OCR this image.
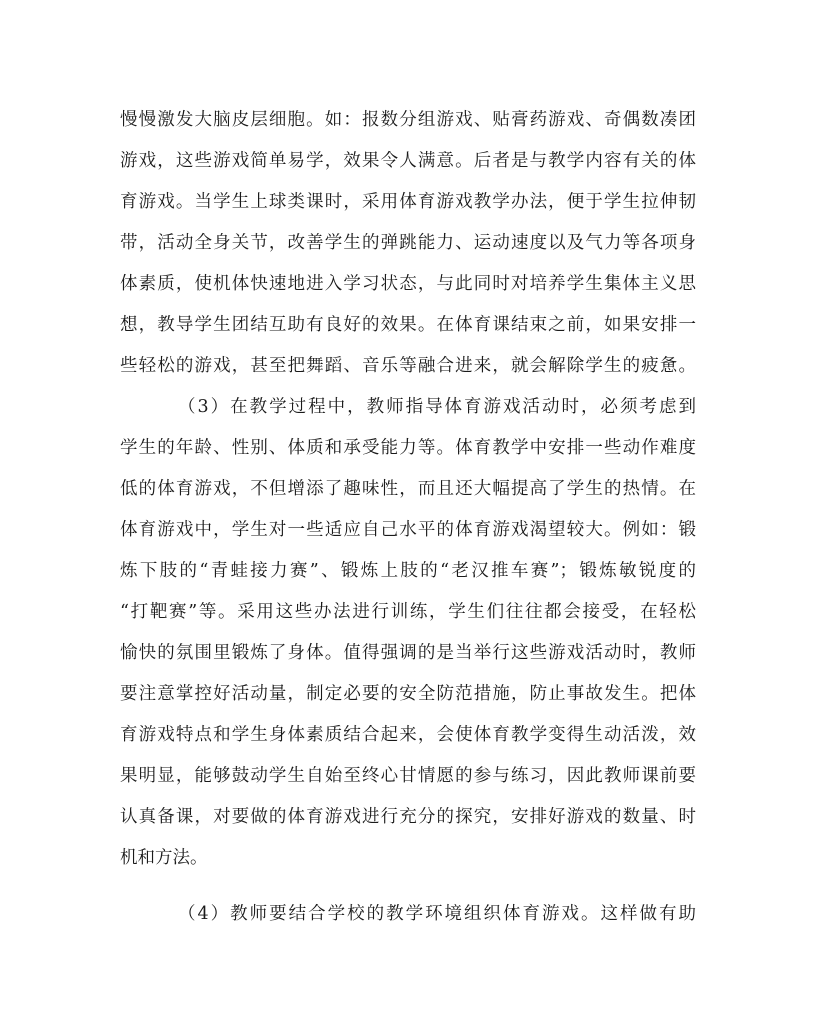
慢慢激发大脑皮层细胞。如：报数分组游戏、贴膏药游戏、奇偶数凑团
游戏，这些游戏简单易学，效果令人满意。后者是与教学内容有关的体
育游戏。当学生上球类课时，采用体育游戏教学办法，便于学生拉伸韧
带，活动全身关节，改善学生的弹跳能力、运动速度以及气力等各项身
体素质，使机体快速地进入学习状态，与此同时对培养学生集体主义思
想，教导学生团结互助有良好的效果。在体育课结束之前，如果安排一
些轻松的游戏，甚至把舞蹈、音乐等融合进来，就会解除学生的疲惫。
（3）在教学过程中，教师指导体育游戏活动时，必须考虑到
学生的年龄、性别、体质和承受能力等。体育教学中安排一些动作难度
低的体育游戏，不但增添了趣味性，而且还大幅提高了学生的热情。在
体育游戏中，学生对一些适应自己水平的体育游戏渴望较大。例如：锻
炼下肢的“青蛙接力赛”、锻炼上肢的“老汉推车赛”；锻炼敏锐度的
“打靶赛”等。采用这些办法进行训练，学生们往往都会接受，在轻松
愉快的氛围里锻炼了身体。值得强调的是当举行这些游戏活动时，教师
要注意掌控好活动量，制定必要的安全防范措施，防止事故发生。把体
育游戏特点和学生身体素质结合起来，会使体育教学变得生动活泼，效
果明显，能够鼓动学生自始至终心甘情愿的参与练习，因此教师课前要
认真备课，对要做的体育游戏进行充分的探究，安排好游戏的数量、时
机和方法。
（4）教师要结合学校的教学环境组织体育游戏。这样做有助
